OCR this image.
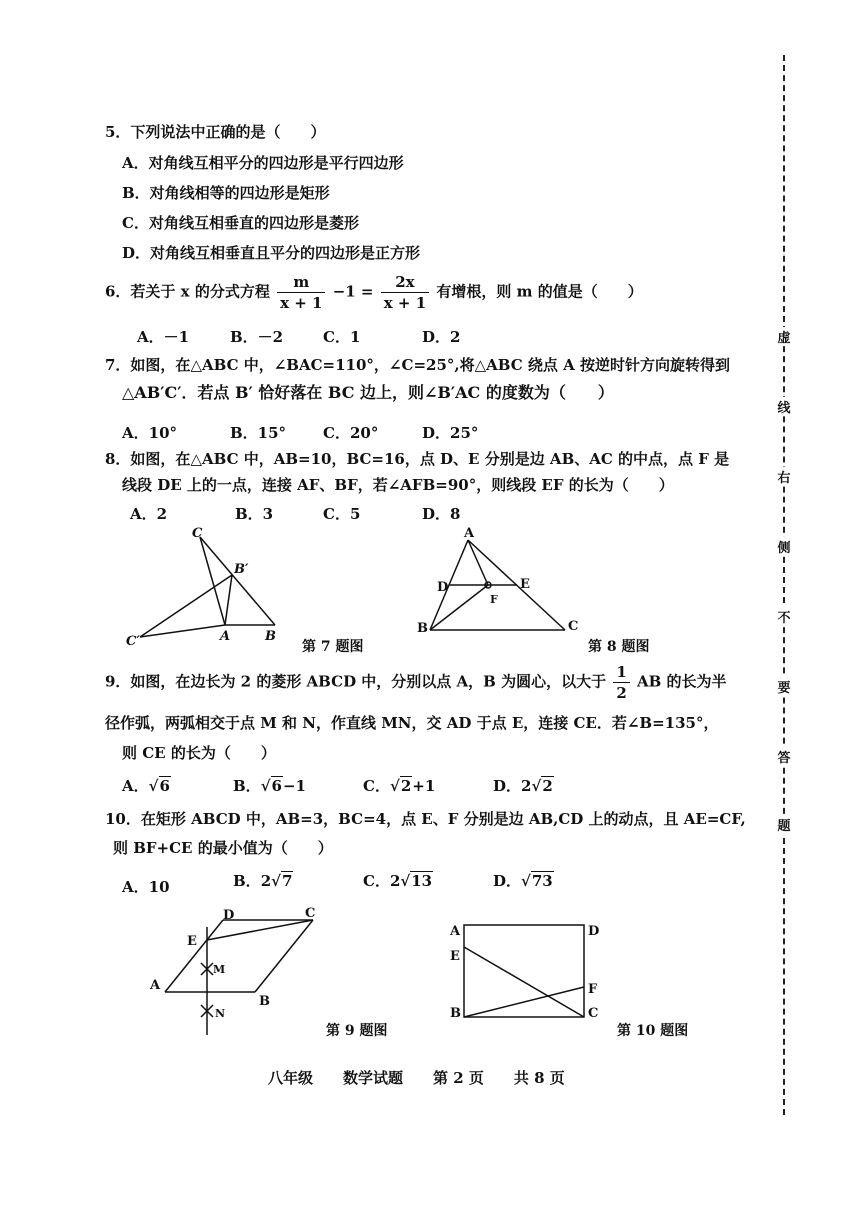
5．下列说法中正确的是（　　）
A．对角线互相平分的四边形是平行四边形
B．对角线相等的四边形是矩形
C．对角线互相垂直的四边形是菱形
D．对角线互相垂直且平分的四边形是正方形
6．若关于 x 的分式方程 $\frac{m}{x + 1} -1 = \frac{2x}{x + 1}$ 有增根，则 m 的值是（　　）
A．－1	B．－2	C．1	D．2
7．如图，在△ABC 中，∠BAC=110°，∠C=25°,将△ABC 绕点 A 按逆时针方向旋转得到
△AB′C′．若点 B′ 恰好落在 BC 边上，则∠B′AC 的度数为（　　）
A．10°	B．15° C．20°	D．25°
8．如图，在△ABC 中，AB=10，BC=16，点 D、E 分别是边 AB、AC 的中点，点 F 是
线段 DE 上的一点，连接 AF、BF，若∠AFB=90°，则线段 EF 的长为（　　）
A．2	B．3	C．5	D．8
C
B′
C′	A	B
第 7 题图
A
D	E
F
B	C
第 8 题图
9．如图，在边长为 2 的菱形 ABCD 中，分别以点 A，B 为圆心，以大于 $\frac{1}{2}$ AB 的长为半
径作弧，两弧相交于点 M 和 N，作直线 MN，交 AD 于点 E，连接 CE．若∠B=135°，
则 CE 的长为（　　）
A．√6	B．√6−1	C．√2+1	D．2√2
10．在矩形 ABCD 中，AB=3，BC=4，点 E、F 分别是边 AB,CD 上的动点，且 AE=CF,
则 BF+CE 的最小值为（　　）
A．10	B．2√7	C．2√13	D．√73
D	C
E
M
A
B
N
第 9 题图
A	D
E
F
B	C
第 10 题图
八年级　　数学试题　　第 2 页　　共 8 页
虚
线
右
侧
不
要
答
题
